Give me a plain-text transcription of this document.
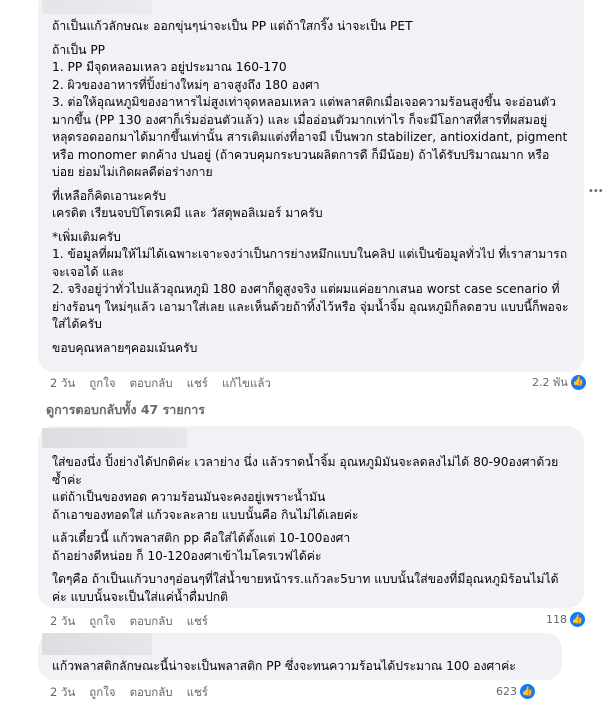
ถ้าเป็นแก้วลักษณะ ออกขุ่นๆน่าจะเป็น PP แต่ถ้าใสกริ๊ง น่าจะเป็น PET

ถ้าเป็น PP
1. PP มีจุดหลอมเหลว อยู่ประมาณ 160-170
2. ผิวของอาหารที่ปิ้งย่างใหม่ๆ อาจสูงถึง 180 องศา
3. ต่อให้อุณหภูมิของอาหารไม่สูงเท่าจุดหลอมเหลว แต่พลาสติกเมื่อเจอความร้อนสูงขึ้น จะอ่อนตัวมากขึ้น (PP 130 องศาก็เริ่มอ่อนตัวแล้ว) และ เมื่ออ่อนตัวมากเท่าไร ก็จะมีโอกาสที่สารที่ผสมอยู่หลุดรอดออกมาได้มากขึ้นเท่านั้น สารเติมแต่งที่อาจมี เป็นพวก stabilizer, antioxidant, pigment หรือ monomer ตกค้าง ปนอยู่ (ถ้าควบคุมกระบวนผลิตการดี ก็มีน้อย) ถ้าได้รับปริมาณมาก หรือบ่อย ย่อมไม่เกิดผลดีต่อร่างกาย

ที่เหลือก็คิดเอานะครับ
เครดิต เรียนจบปิโตรเคมี และ วัสดุพอลิเมอร์ มาครับ

*เพิ่มเติมครับ
1. ข้อมูลที่ผมให้ไม่ได้เฉพาะเจาะจงว่าเป็นการย่างหมึกแบบในคลิป แต่เป็นข้อมูลทั่วไป ที่เราสามารถจะเจอได้ และ
2. จริงอยู่ว่าทั่วไปแล้วอุณหภูมิ 180 องศาก็ดูสูงจริง แต่ผมแค่อยากเสนอ worst case scenario ที่ย่างร้อนๆ ใหม่ๆแล้ว เอามาใส่เลย และเห็นด้วยถ้าทิ้งไว้หรือ จุ่มน้ำจิ้ม อุณหภูมิก็ลดฮวบ แบบนี้ก็พอจะใส่ได้ครับ

ขอบคุณหลายๆคอมเม้นครับ

•••
2 วัน ถูกใจ ตอบกลับ แชร์ แก้ไขแล้ว	2.2 พัน 👍
ดูการตอบกลับทั้ง 47 รายการ

ใส่ของนึ่ง ปิ้งย่างได้ปกติค่ะ เวลาย่าง นึ่ง แล้วราดน้ำจิ้ม อุณหภูมิมันจะลดลงไม่ได้ 80-90องศาด้วยซ้ำค่ะ
แต่ถ้าเป็นของทอด ความร้อนมันจะคงอยู่เพราะน้ำมัน
ถ้าเอาของทอดใส่ แก้วจะละลาย แบบนั้นคือ กินไม่ได้เลยค่ะ

แล้วเดี๋ยวนี้ แก้วพลาสติก pp คือใส่ได้ตั้งแต่ 10-100องศา
ถ้าอย่างดีหน่อย ก็ 10-120องศาเข้าไมโครเวฟได้ค่ะ

ใดๆคือ ถ้าเป็นแก้วบางๆอ่อนๆที่ใส่น้ำขายหน้ารร.แก้วละ5บาท แบบนั้นใส่ของที่มีอุณหภูมิร้อนไม่ได้ค่ะ แบบนั้นจะเป็นใส่แค่น้ำดื่มปกติ

2 วัน ถูกใจ ตอบกลับ แชร์	118 👍

แก้วพลาสติกลักษณะนี้น่าจะเป็นพลาสติก PP ซึ่งจะทนความร้อนได้ประมาณ 100 องศาค่ะ

2 วัน ถูกใจ ตอบกลับ แชร์	623 👍
